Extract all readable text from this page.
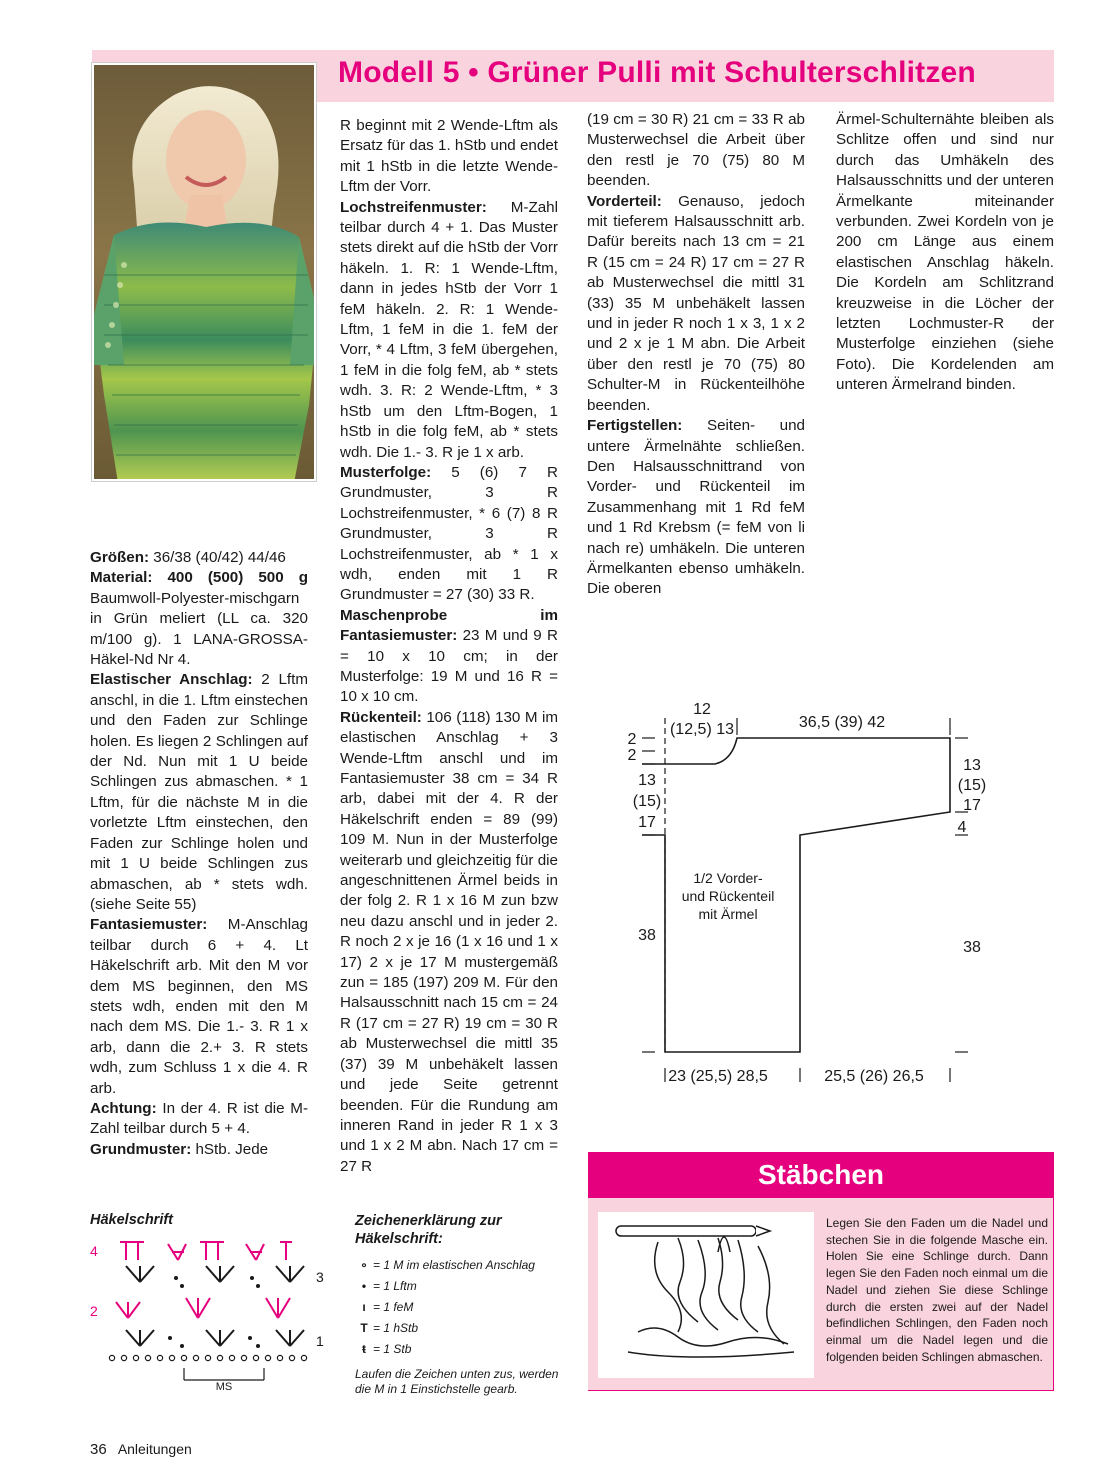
Modell 5 • Grüner Pulli mit Schulterschlitzen

Größen: 36/38 (40/42) 44/46

Material: 400 (500) 500 g Baumwoll-Polyester-mischgarn in Grün meliert (LL ca. 320 m/100 g). 1 LANA-GROSSA-Häkel-Nd Nr 4.

Elastischer Anschlag: 2 Lftm anschl, in die 1. Lftm einstechen und den Faden zur Schlinge holen. Es liegen 2 Schlingen auf der Nd. Nun mit 1 U beide Schlingen zus abmaschen. * 1 Lftm, für die nächste M in die vorletzte Lftm einstechen, den Faden zur Schlinge holen und mit 1 U beide Schlingen zus abmaschen, ab * stets wdh. (siehe Seite 55)

Fantasiemuster: M-Anschlag teilbar durch 6 + 4. Lt Häkelschrift arb. Mit den M vor dem MS beginnen, den MS stets wdh, enden mit den M nach dem MS. Die 1.- 3. R 1 x arb, dann die 2.+ 3. R stets wdh, zum Schluss 1 x die 4. R arb.

Achtung: In der 4. R ist die M-Zahl teilbar durch 5 + 4.

Grundmuster: hStb. Jede

R beginnt mit 2 Wende-Lftm als Ersatz für das 1. hStb und endet mit 1 hStb in die letzte Wende-Lftm der Vorr.

Lochstreifenmuster: M-Zahl teilbar durch 4 + 1. Das Muster stets direkt auf die hStb der Vorr häkeln. 1. R: 1 Wende-Lftm, dann in jedes hStb der Vorr 1 feM häkeln. 2. R: 1 Wende-Lftm, 1 feM in die 1. feM der Vorr, * 4 Lftm, 3 feM übergehen, 1 feM in die folg feM, ab * stets wdh. 3. R: 2 Wende-Lftm, * 3 hStb um den Lftm-Bogen, 1 hStb in die folg feM, ab * stets wdh. Die 1.- 3. R je 1 x arb.

Musterfolge: 5 (6) 7 R Grundmuster, 3 R Lochstreifenmuster, * 6 (7) 8 R Grundmuster, 3 R Lochstreifenmuster, ab * 1 x wdh, enden mit 1 R Grundmuster = 27 (30) 33 R.

Maschenprobe im Fantasiemuster: 23 M und 9 R = 10 x 10 cm; in der Musterfolge: 19 M und 16 R = 10 x 10 cm.

Rückenteil: 106 (118) 130 M im elastischen Anschlag + 3 Wende-Lftm anschl und im Fantasiemuster 38 cm = 34 R arb, dabei mit der 4. R der Häkelschrift enden = 89 (99) 109 M. Nun in der Musterfolge weiterarb und gleichzeitig für die angeschnittenen Ärmel beids in der folg 2. R 1 x 16 M zun bzw neu dazu anschl und in jeder 2. R noch 2 x je 16 (1 x 16 und 1 x 17) 2 x je 17 M mustergemäß zun = 185 (197) 209 M. Für den Halsausschnitt nach 15 cm = 24 R (17 cm = 27 R) 19 cm = 30 R ab Musterwechsel die mittl 35 (37) 39 M unbehäkelt lassen und jede Seite getrennt beenden. Für die Rundung am inneren Rand in jeder R 1 x 3 und 1 x 2 M abn. Nach 17 cm = 27 R

(19 cm = 30 R) 21 cm = 33 R ab Musterwechsel die Arbeit über den restl je 70 (75) 80 M beenden.

Vorderteil: Genauso, jedoch mit tieferem Halsausschnitt arb. Dafür bereits nach 13 cm = 21 R (15 cm = 24 R) 17 cm = 27 R ab Musterwechsel die mittl 31 (33) 35 M unbehäkelt lassen und in jeder R noch 1 x 3, 1 x 2 und 2 x je 1 M abn. Die Arbeit über den restl je 70 (75) 80 Schulter-M in Rückenteilhöhe beenden.

Fertigstellen: Seiten- und untere Ärmelnähte schließen. Den Halsausschnittrand von Vorder- und Rückenteil im Zusammenhang mit 1 Rd feM und 1 Rd Krebsm (= feM von li nach re) umhäkeln. Die unteren Ärmelkanten ebenso umhäkeln. Die oberen

Ärmel-Schulternähte bleiben als Schlitze offen und sind nur durch das Umhäkeln des Halsausschnitts und der unteren Ärmelkante miteinander verbunden. Zwei Kordeln von je 200 cm Länge aus einem elastischen Anschlag häkeln. Die Kordeln am Schlitzrand kreuzweise in die Löcher der letzten Lochmuster-R der Musterfolge einziehen (siehe Foto). Die Kordelenden am unteren Ärmelrand binden.

12
(12,5) 13	36,5 (39) 42
2
2
13
(15)
17
38
13
(15)
17
4
38
23 (25,5) 28,5	25,5 (26) 26,5
1/2 Vorder-
und Rückenteil
mit Ärmel
Stäbchen
Legen Sie den Faden um die Nadel und stechen Sie in die folgende Masche ein. Holen Sie eine Schlinge durch. Dann legen Sie den Faden noch einmal um die Nadel und ziehen Sie diese Schlinge durch die ersten zwei auf der Nadel befindlichen Schlingen, den Faden noch einmal um die Nadel legen und die folgenden beiden Schlingen abmaschen.
Häkelschrift
4
2
3
1
MS
Zeichenerklärung zur Häkelschrift:
∘ = 1 M im elastischen Anschlag
• = 1 Lftm
ı = 1 feM
T = 1 hStb
ŧ = 1 Stb
Laufen die Zeichen unten zus, werden die M in 1 Einstichstelle gearb.
36 Anleitungen
